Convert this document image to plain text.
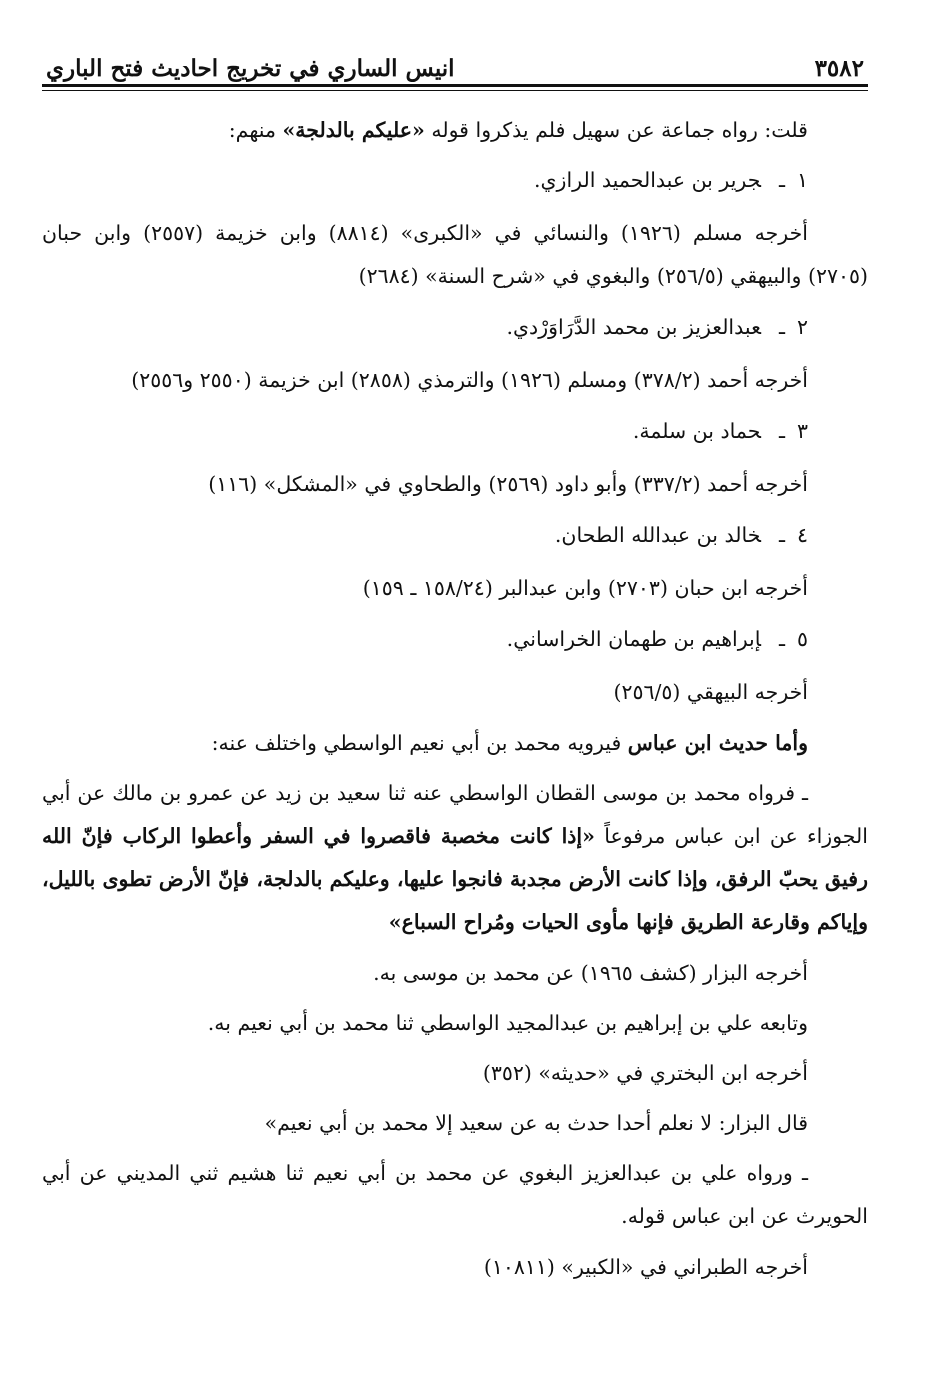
٣٥٨٢
انيس الساري في تخريج احاديث فتح الباري

قلت: رواه جماعة عن سهيل فلم يذكروا قوله «عليكم بالدلجة» منهم:

١ـجرير بن عبدالحميد الرازي.

أخرجه مسلم (١٩٢٦) والنسائي في «الكبرى» (٨٨١٤) وابن خزيمة (٢٥٥٧) وابن حبان (٢٧٠٥) والبيهقي (٢٥٦/٥) والبغوي في «شرح السنة» (٢٦٨٤)

٢ـعبدالعزيز بن محمد الدَّرَاوَرْدي.

أخرجه أحمد (٣٧٨/٢) ومسلم (١٩٢٦) والترمذي (٢٨٥٨) ابن خزيمة (٢٥٥٠ و٢٥٥٦)

٣ـحماد بن سلمة.

أخرجه أحمد (٣٣٧/٢) وأبو داود (٢٥٦٩) والطحاوي في «المشكل» (١١٦)

٤ـخالد بن عبدالله الطحان.

أخرجه ابن حبان (٢٧٠٣) وابن عبدالبر (١٥٨/٢٤ ـ ١٥٩)

٥ـإبراهيم بن طهمان الخراساني.

أخرجه البيهقي (٢٥٦/٥)

وأما حديث ابن عباس فيرويه محمد بن أبي نعيم الواسطي واختلف عنه:

ـ فرواه محمد بن موسى القطان الواسطي عنه ثنا سعيد بن زيد عن عمرو بن مالك عن أبي الجوزاء عن ابن عباس مرفوعاً «إذا كانت مخصبة فاقصروا في السفر وأعطوا الركاب فإنّ الله رفيق يحبّ الرفق، وإذا كانت الأرض مجدبة فانجوا عليها، وعليكم بالدلجة، فإنّ الأرض تطوى بالليل، وإياكم وقارعة الطريق فإنها مأوى الحيات ومُراح السباع»

أخرجه البزار (كشف ١٩٦٥) عن محمد بن موسى به.

وتابعه علي بن إبراهيم بن عبدالمجيد الواسطي ثنا محمد بن أبي نعيم به.

أخرجه ابن البختري في «حديثه» (٣٥٢)

قال البزار: لا نعلم أحدا حدث به عن سعيد إلا محمد بن أبي نعيم»

ـ ورواه علي بن عبدالعزيز البغوي عن محمد بن أبي نعيم ثنا هشيم ثني المديني عن أبي الحويرث عن ابن عباس قوله.

أخرجه الطبراني في «الكبير» (١٠٨١١)
